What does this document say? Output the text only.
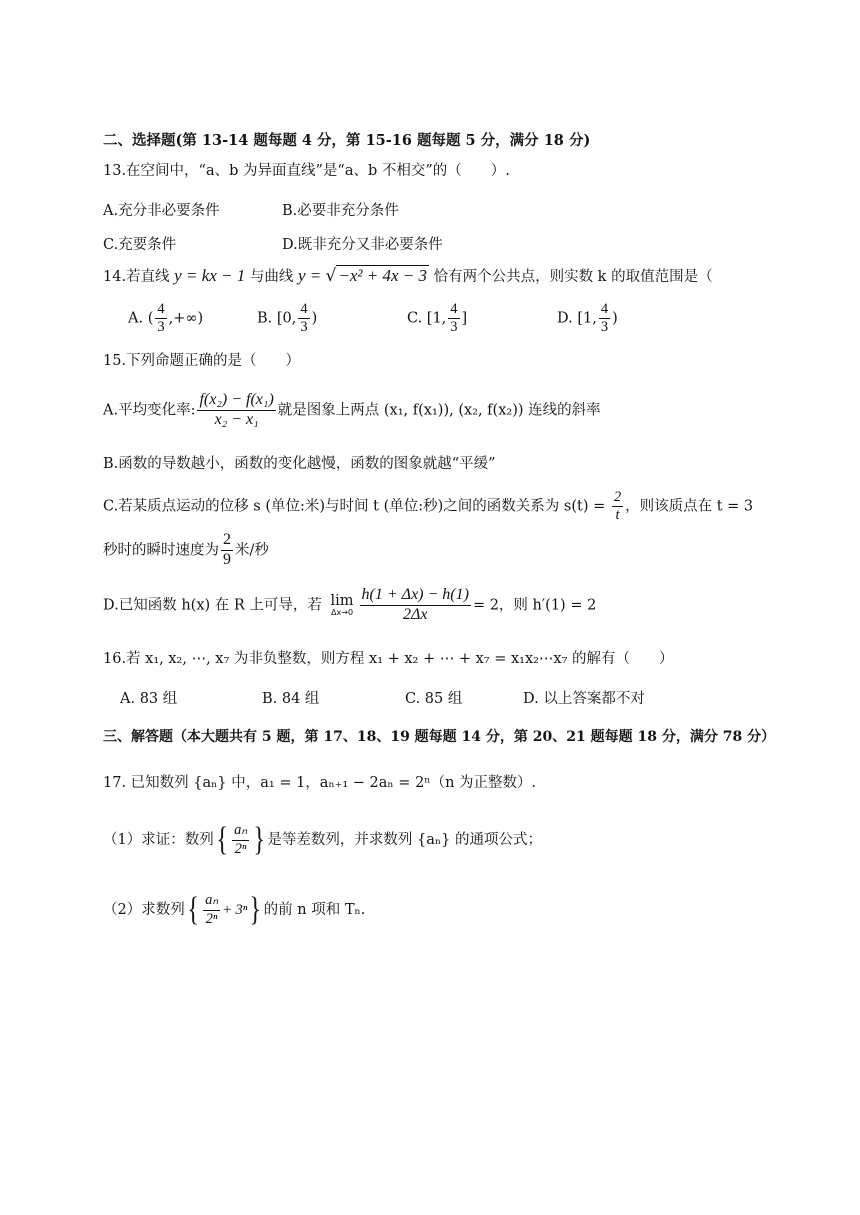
二、选择题(第 13-14 题每题 4 分，第 15-16 题每题 5 分，满分 18 分)
13.在空间中，“a、b 为异面直线”是“a、b 不相交”的（　　）.
A.充分非必要条件	B.必要非充分条件
C.充要条件	D.既非充分又非必要条件
14.若直线 y = kx − 1 与曲线 y = √ −x² + 4x − 3 恰有两个公共点，则实数 k 的取值范围是（
A. ( $\frac{4}{3}$ ,+∞)	B. [0, $\frac{4}{3}$ )	C. [1, $\frac{4}{3}$ ]	D. [1, $\frac{4}{3}$ )
15.下列命题正确的是（　　）
A.平均变化率: $\frac{\text{f(x₂) − f(x₁)}}{\text{x₂ − x₁}}$ 就是图象上两点 (x₁, f(x₁)), (x₂, f(x₂)) 连线的斜率
B.函数的导数越小，函数的变化越慢，函数的图象就越“平缓”
C.若某质点运动的位移 s (单位:米)与时间 t (单位:秒)之间的函数关系为 $s(t) = \frac{2}{t}$ ，则该质点在 t = 3
秒时的瞬时速度为 $\frac{2}{9}$ 米/秒
D.已知函数 h(x) 在 R 上可导，若 lim
$\Delta x\to 0 \frac{h(1 + \Delta x) - h(1)}{2\Delta x} = 2$，则 h′(1) = 2
16.若 x₁, x₂, ⋯, x₇ 为非负整数，则方程 x₁ + x₂ + ⋯ + x₇ = x₁x₂⋯x₇ 的解有（　　）
A. 83 组	B. 84 组	C. 85 组	D. 以上答案都不对
三、解答题（本大题共有 5 题，第 17、18、19 题每题 14 分，第 20、21 题每题 18 分，满分 78 分）
17. 已知数列 {aₙ} 中，a₁ = 1，aₙ₊₁ − 2aₙ = 2ⁿ（n 为正整数）.
（1）求证：数列{ $\frac{\text{aₙ}}{\text{2ⁿ}}$ } 是等差数列，并求数列 {aₙ} 的通项公式；
（2）求数列{ $\frac{\text{aₙ}}{\text{2ⁿ}} + 3^n$} 的前 n 项和 Tₙ.
